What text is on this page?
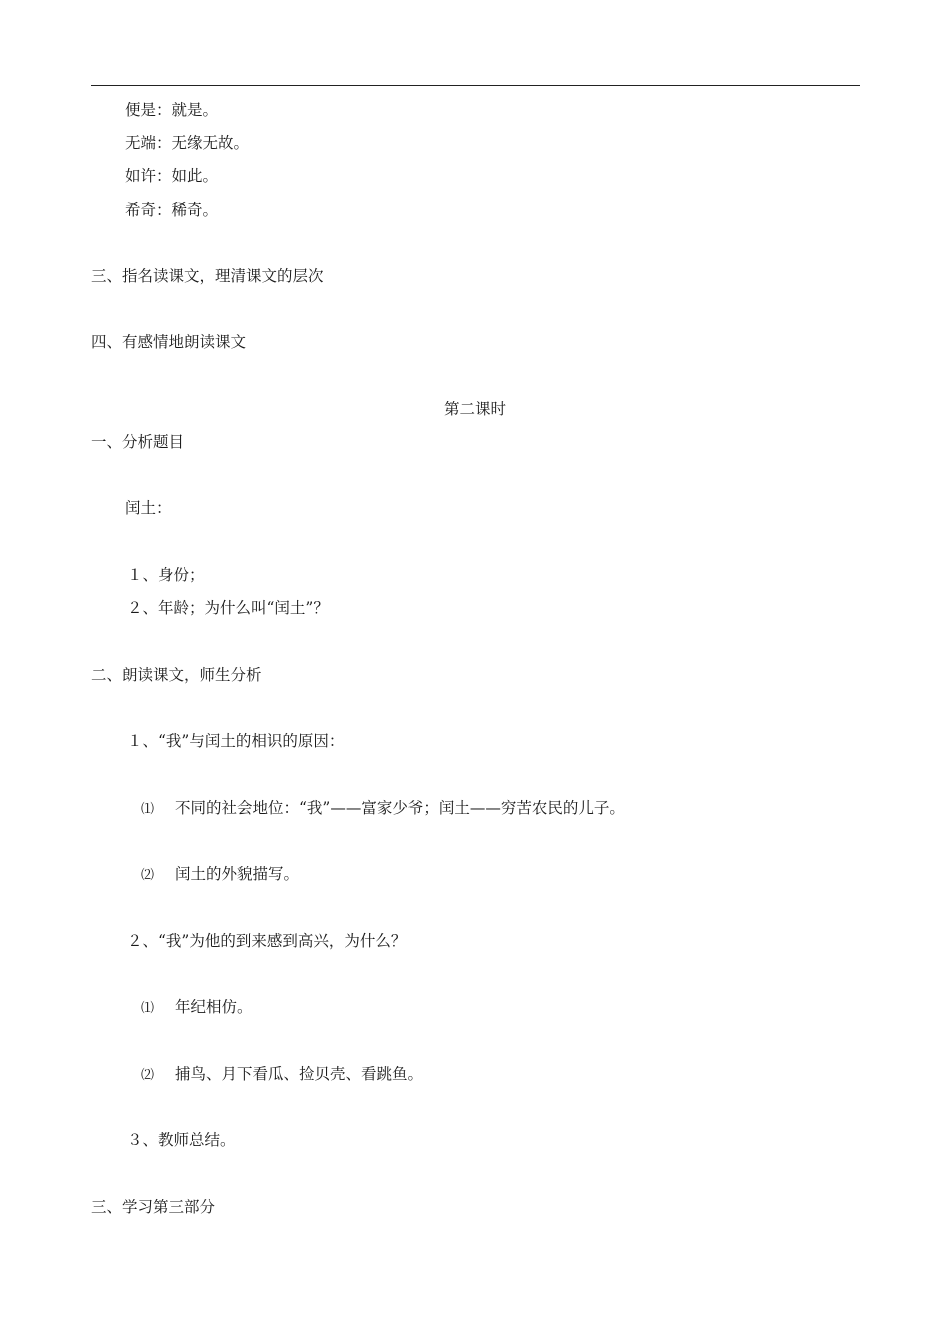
便是：就是。
无端：无缘无故。
如许：如此。
希奇：稀奇。
三、指名读课文，理清课文的层次
四、有感情地朗读课文
第二课时
一、分析题目
闰土：
１、身份；
２、年龄；为什么叫“闰土”？
二、朗读课文，师生分析
１、“我”与闰土的相识的原因：
⑴ 不同的社会地位：“我”——富家少爷；闰土——穷苦农民的儿子。
⑵ 闰土的外貌描写。
２、“我”为他的到来感到高兴，为什么？
⑴ 年纪相仿。
⑵ 捕鸟、月下看瓜、捡贝壳、看跳鱼。
３、教师总结。
三、学习第三部分
